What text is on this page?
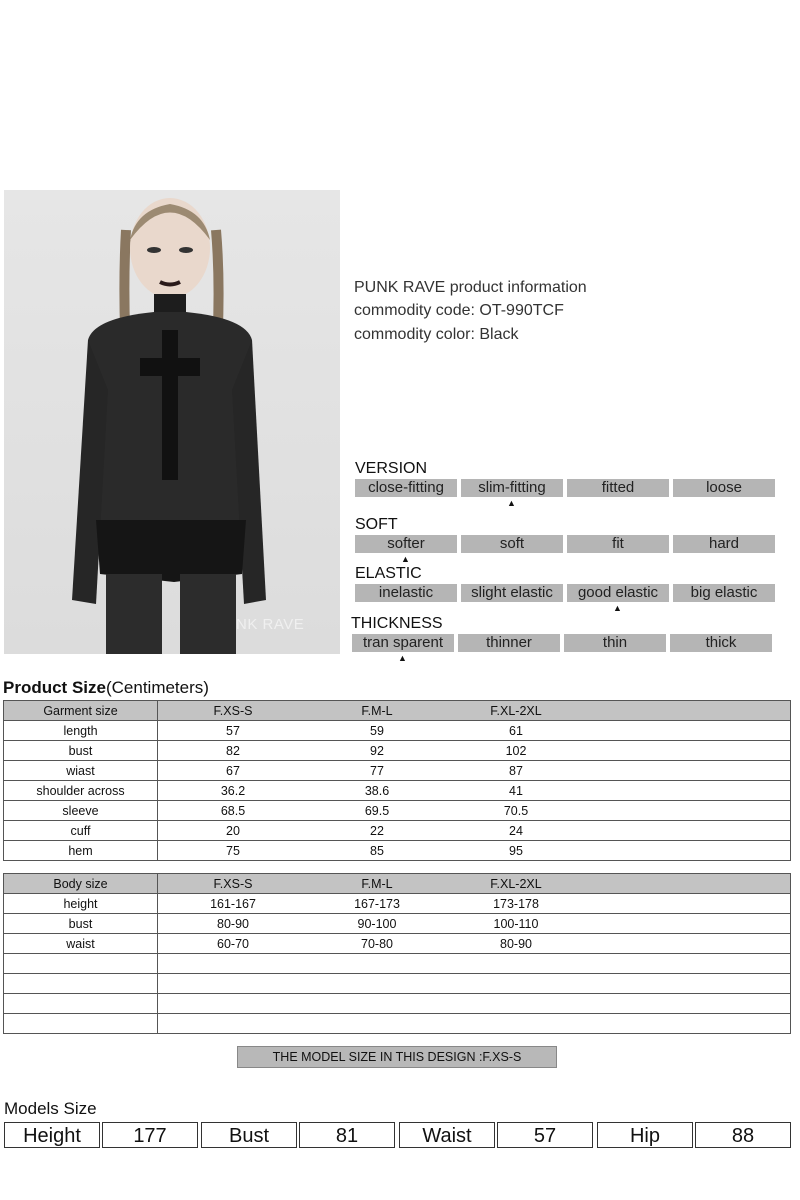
NK RAVE
PUNK RAVE product information
commodity code: OT-990TCF
commodity color: Black
VERSION
close-fitting	slim-fitting	fitted	loose
▲
SOFT
softer	soft	fit	hard
▲
ELASTIC
inelastic	slight elastic	good elastic	big elastic
▲
THICKNESS
tran sparent	thinner	thin	thick
▲
Product Size(Centimeters)
Garment size	F.XS-S	F.M-L	F.XL-2XL	
length	57	59	61	
bust	82	92	102	
wiast	67	77	87	
shoulder across	36.2	38.6	41	
sleeve	68.5	69.5	70.5	
cuff	20	22	24	
hem	75	85	95	
Body size	F.XS-S	F.M-L	F.XL-2XL	
height	161-167	167-173	173-178	
bust	80-90	90-100	100-110	
waist	60-70	70-80	80-90	

THE MODEL SIZE IN THIS DESIGN :F.XS-S
Models Size
Height	177	Bust	81	Waist	57	Hip	88
